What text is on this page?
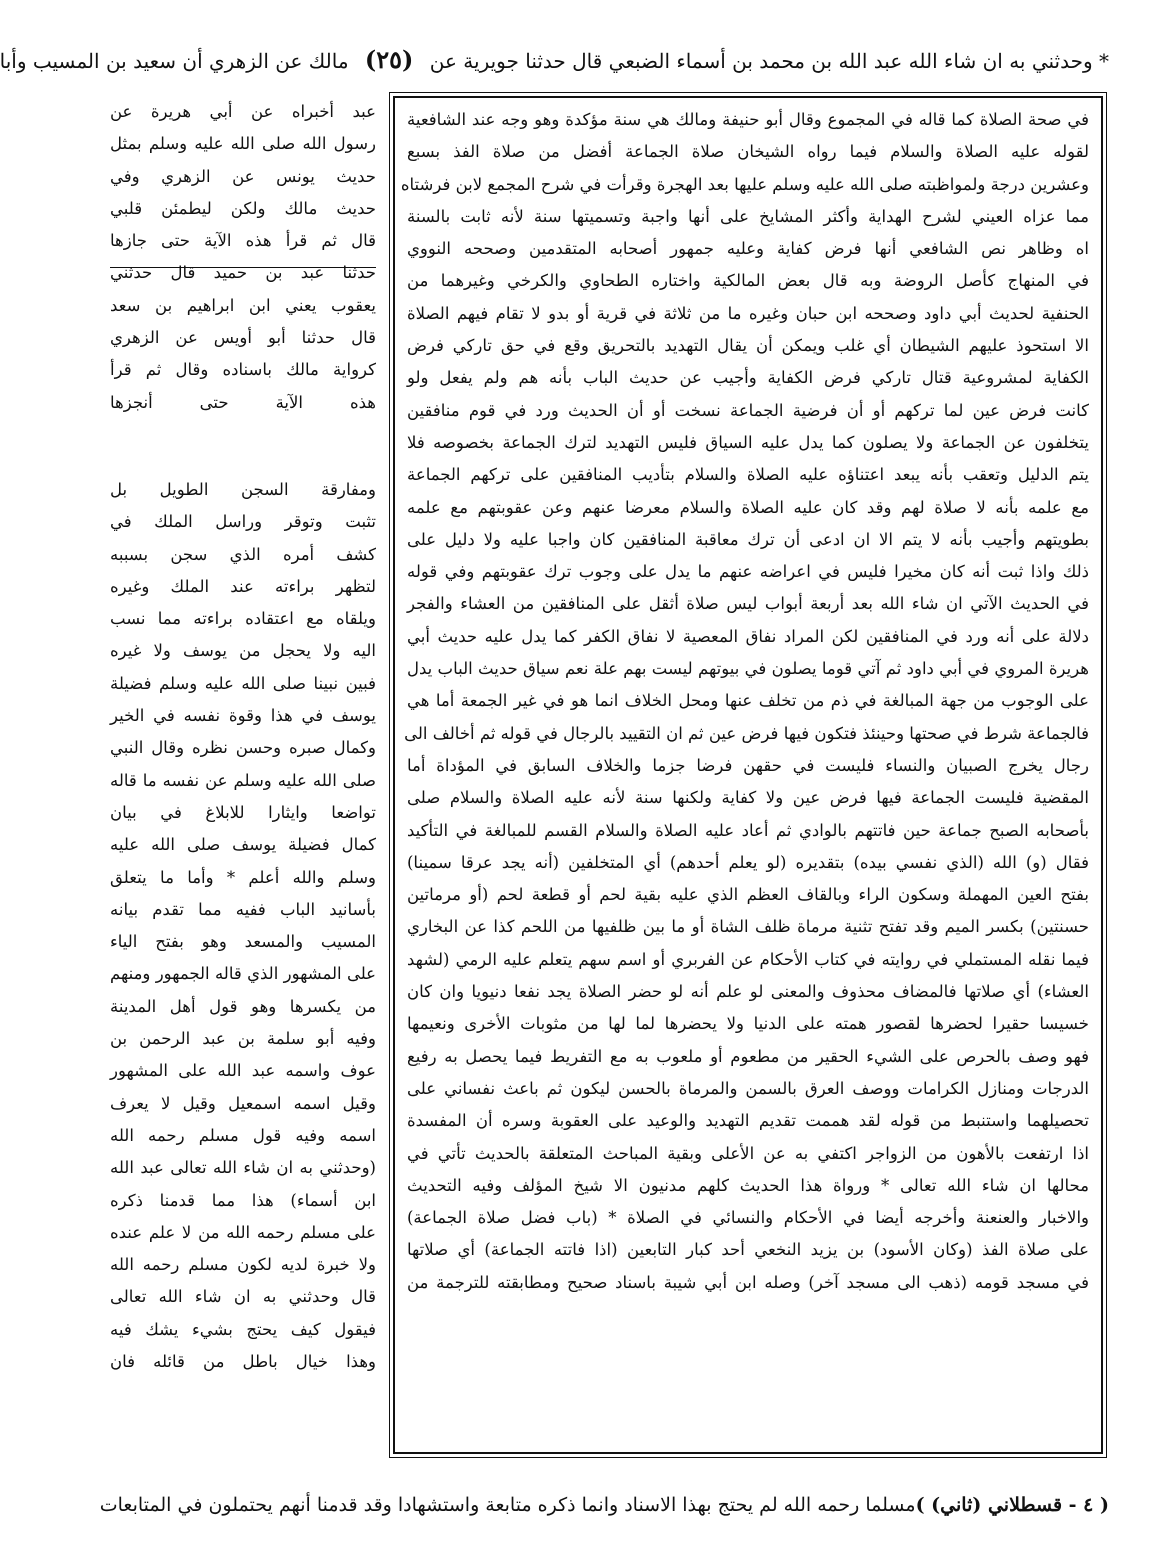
* وحدثني به ان شاء الله عبد الله بن محمد بن أسماء الضبعي قال حدثنا جويرية عن (٢٥) مالك عن الزهري أن سعيد بن المسيب وأبا
في صحة الصلاة كما قاله في المجموع وقال أبو حنيفة ومالك هي سنة مؤكدة وهو وجه عند الشافعية
لقوله عليه الصلاة والسلام فيما رواه الشيخان صلاة الجماعة أفضل من صلاة الفذ بسبع
وعشرين درجة ولمواظبته صلى الله عليه وسلم عليها بعد الهجرة وقرأت في شرح المجمع لابن فرشتاه
مما عزاه العيني لشرح الهداية وأكثر المشايخ على أنها واجبة وتسميتها سنة لأنه ثابت بالسنة
اه وظاهر نص الشافعي أنها فرض كفاية وعليه جمهور أصحابه المتقدمين وصححه النووي
في المنهاج كأصل الروضة وبه قال بعض المالكية واختاره الطحاوي والكرخي وغيرهما من
الحنفية لحديث أبي داود وصححه ابن حبان وغيره ما من ثلاثة في قرية أو بدو لا تقام فيهم الصلاة
الا استحوذ عليهم الشيطان أي غلب ويمكن أن يقال التهديد بالتحريق وقع في حق تاركي فرض
الكفاية لمشروعية قتال تاركي فرض الكفاية وأجيب عن حديث الباب بأنه هم ولم يفعل ولو
كانت فرض عين لما تركهم أو أن فرضية الجماعة نسخت أو أن الحديث ورد في قوم منافقين
يتخلفون عن الجماعة ولا يصلون كما يدل عليه السياق فليس التهديد لترك الجماعة بخصوصه فلا
يتم الدليل وتعقب بأنه يبعد اعتناؤه عليه الصلاة والسلام بتأديب المنافقين على تركهم الجماعة
مع علمه بأنه لا صلاة لهم وقد كان عليه الصلاة والسلام معرضا عنهم وعن عقوبتهم مع علمه
بطويتهم وأجيب بأنه لا يتم الا ان ادعى أن ترك معاقبة المنافقين كان واجبا عليه ولا دليل على
ذلك واذا ثبت أنه كان مخيرا فليس في اعراضه عنهم ما يدل على وجوب ترك عقوبتهم وفي قوله
في الحديث الآتي ان شاء الله بعد أربعة أبواب ليس صلاة أثقل على المنافقين من العشاء والفجر
دلالة على أنه ورد في المنافقين لكن المراد نفاق المعصية لا نفاق الكفر كما يدل عليه حديث أبي
هريرة المروي في أبي داود ثم آتي قوما يصلون في بيوتهم ليست بهم علة نعم سياق حديث الباب يدل
على الوجوب من جهة المبالغة في ذم من تخلف عنها ومحل الخلاف انما هو في غير الجمعة أما هي
فالجماعة شرط في صحتها وحينئذ فتكون فيها فرض عين ثم ان التقييد بالرجال في قوله ثم أخالف الى
رجال يخرج الصبيان والنساء فليست في حقهن فرضا جزما والخلاف السابق في المؤداة أما
المقضية فليست الجماعة فيها فرض عين ولا كفاية ولكنها سنة لأنه عليه الصلاة والسلام صلى
بأصحابه الصبح جماعة حين فاتتهم بالوادي ثم أعاد عليه الصلاة والسلام القسم للمبالغة في التأكيد
فقال (و) الله (الذي نفسي بيده) بتقديره (لو يعلم أحدهم) أي المتخلفين (أنه يجد عرقا سمينا)
بفتح العين المهملة وسكون الراء وبالقاف العظم الذي عليه بقية لحم أو قطعة لحم (أو مرماتين
حسنتين) بكسر الميم وقد تفتح تثنية مرماة ظلف الشاة أو ما بين ظلفيها من اللحم كذا عن البخاري
فيما نقله المستملي في روايته في كتاب الأحكام عن الفربري أو اسم سهم يتعلم عليه الرمي (لشهد
العشاء) أي صلاتها فالمضاف محذوف والمعنى لو علم أنه لو حضر الصلاة يجد نفعا دنيويا وان كان
خسيسا حقيرا لحضرها لقصور همته على الدنيا ولا يحضرها لما لها من مثوبات الأخرى ونعيمها
فهو وصف بالحرص على الشيء الحقير من مطعوم أو ملعوب به مع التفريط فيما يحصل به رفيع
الدرجات ومنازل الكرامات ووصف العرق بالسمن والمرماة بالحسن ليكون ثم باعث نفساني على
تحصيلهما واستنبط من قوله لقد هممت تقديم التهديد والوعيد على العقوبة وسره أن المفسدة
اذا ارتفعت بالأهون من الزواجر اكتفي به عن الأعلى وبقية المباحث المتعلقة بالحديث تأتي في
محالها ان شاء الله تعالى * ورواة هذا الحديث كلهم مدنيون الا شيخ المؤلف وفيه التحديث
والاخبار والعنعنة وأخرجه أيضا في الأحكام والنسائي في الصلاة * (باب فضل صلاة الجماعة)
على صلاة الفذ (وكان الأسود) بن يزيد النخعي أحد كبار التابعين (اذا فاتته الجماعة) أي صلاتها
في مسجد قومه (ذهب الى مسجد آخر) وصله ابن أبي شيبة باسناد صحيح ومطابقته للترجمة من
عبد أخبراه عن أبي هريرة عن
رسول الله صلى الله عليه وسلم بمثل
حديث يونس عن الزهري وفي
حديث مالك ولكن ليطمئن قلبي
قال ثم قرأ هذه الآية حتى جازها
حدثنا عبد بن حميد قال حدثني
يعقوب يعني ابن ابراهيم بن سعد
قال حدثنا أبو أويس عن الزهري
كرواية مالك باسناده وقال ثم قرأ
هذه الآية حتى أنجزها
ومفارقة السجن الطويل بل
تثبت وتوقر وراسل الملك في
كشف أمره الذي سجن بسببه
لتظهر براءته عند الملك وغيره
ويلقاه مع اعتقاده براءته مما نسب
اليه ولا يحجل من يوسف ولا غيره
فبين نبينا صلى الله عليه وسلم فضيلة
يوسف في هذا وقوة نفسه في الخير
وكمال صبره وحسن نظره وقال النبي
صلى الله عليه وسلم عن نفسه ما قاله
تواضعا وايثارا للابلاغ في بيان
كمال فضيلة يوسف صلى الله عليه
وسلم والله أعلم * وأما ما يتعلق
بأسانيد الباب ففيه مما تقدم بيانه
المسيب والمسعد وهو بفتح الياء
على المشهور الذي قاله الجمهور ومنهم
من يكسرها وهو قول أهل المدينة
وفيه أبو سلمة بن عبد الرحمن بن
عوف واسمه عبد الله على المشهور
وقيل اسمه اسمعيل وقيل لا يعرف
اسمه وفيه قول مسلم رحمه الله
(وحدثني به ان شاء الله تعالى عبد الله
ابن أسماء) هذا مما قدمنا ذكره
على مسلم رحمه الله من لا علم عنده
ولا خبرة لديه لكون مسلم رحمه الله
قال وحدثني به ان شاء الله تعالى
فيقول كيف يحتج بشيء يشك فيه
وهذا خيال باطل من قائله فان
( ٤ - قسطلاني (ثاني) )
مسلما رحمه الله لم يحتج بهذا الاسناد وانما ذكره متابعة واستشهادا وقد قدمنا أنهم يحتملون في المتابعات
